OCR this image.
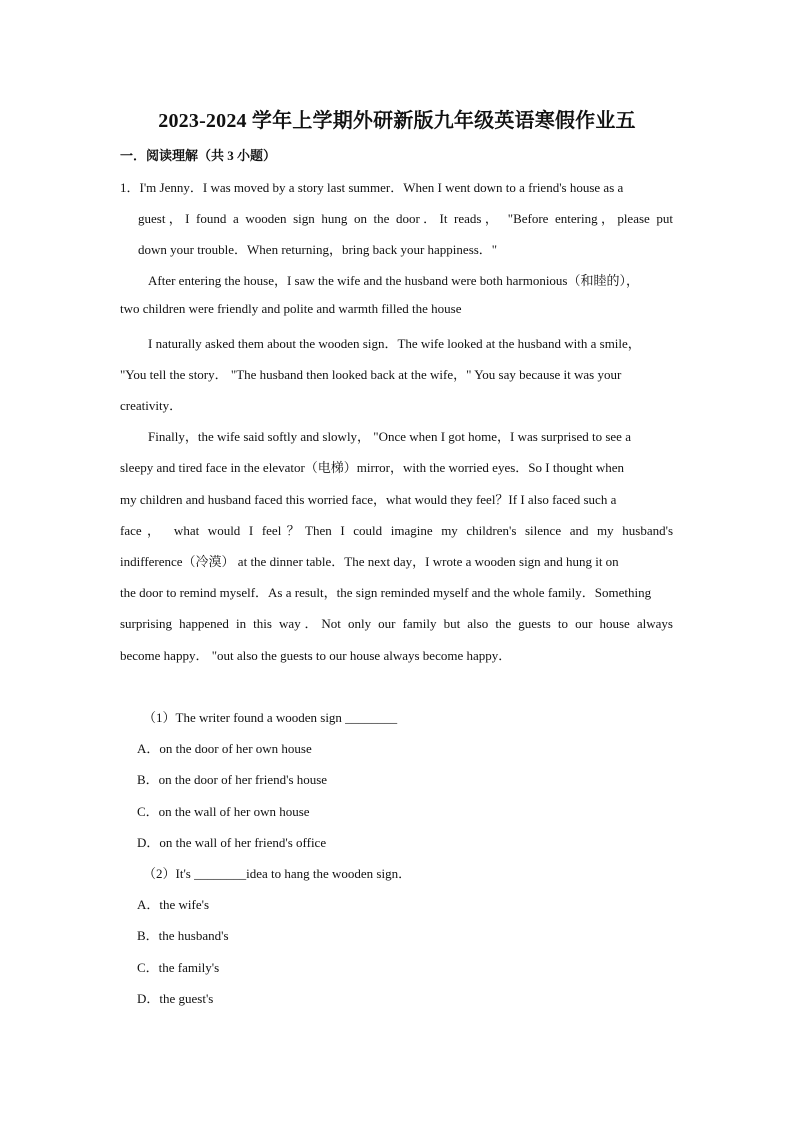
2023-2024 学年上学期外研新版九年级英语寒假作业五
一．阅读理解（共 3 小题）
1．I'm Jenny．I was moved by a story last summer．When I went down to a friend's house as a
guest，I found a wooden sign hung on the door．It reads， "Before entering，please put
down your trouble．When returning，bring back your happiness．"
After entering the house，I saw the wife and the husband were both harmonious（和睦的），
two children were friendly and polite and warmth filled the house
I naturally asked them about the wooden sign．The wife looked at the husband with a smile，
"You tell the story． "The husband then looked back at the wife，" You say because it was your
creativity．
Finally，the wife said softly and slowly， "Once when I got home，I was surprised to see a
sleepy and tired face in the elevator（电梯）mirror，with the worried eyes．So I thought when
my children and husband faced this worried face，what would they feel？If I also faced such a
face， what would I feel？Then I could imagine my children's silence and my husband's
indifference（冷漠） at the dinner table．The next day，I wrote a wooden sign and hung it on
the door to remind myself．As a result，the sign reminded myself and the whole family．Something
surprising happened in this way．Not only our family but also the guests to our house always
become happy． "out also the guests to our house always become happy．
（1）The writer found a wooden sign ________
A．on the door of her own house
B．on the door of her friend's house
C．on the wall of her own house
D．on the wall of her friend's office
（2）It's ________idea to hang the wooden sign．
A．the wife's
B．the husband's
C．the family's
D．the guest's
